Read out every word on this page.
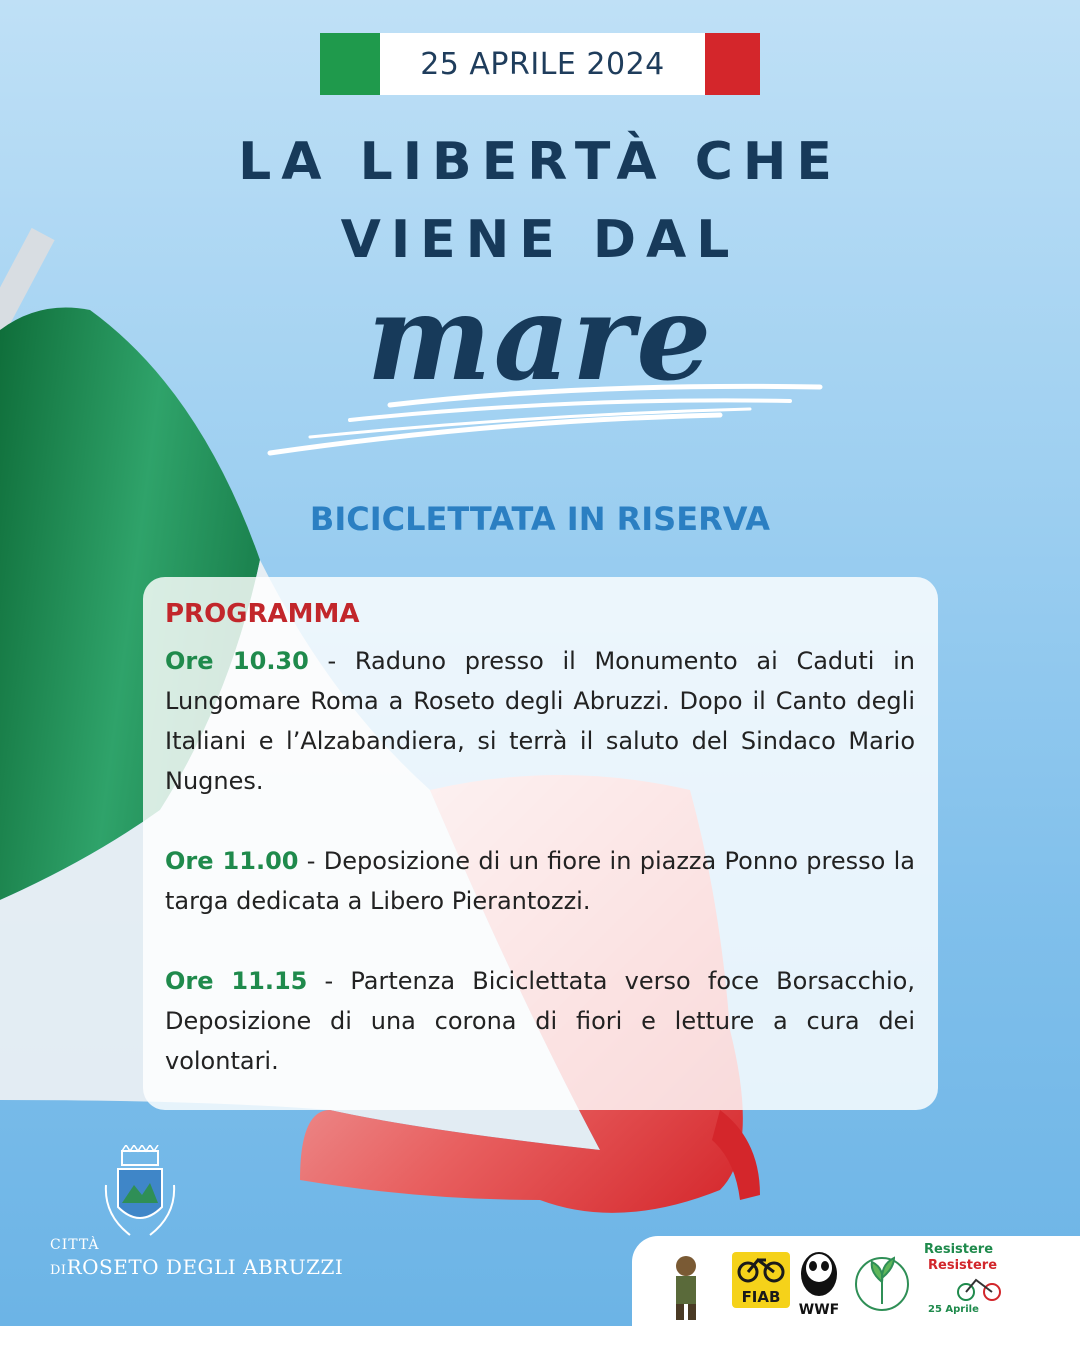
25 APRILE 2024
LA LIBERTÀ CHE
VIENE DAL
mare
BICICLETTATA IN RISERVA
PROGRAMMA
Ore 10.30 - Raduno presso il Monumento ai Caduti in Lungomare Roma a Roseto degli Abruzzi. Dopo il Canto degli Italiani e l’Alzabandiera, si terrà il saluto del Sindaco Mario Nugnes.
Ore 11.00 - Deposizione di un fiore in piazza Ponno presso la targa dedicata a Libero Pierantozzi.
Ore 11.15 - Partenza Biciclettata verso foce Borsacchio, Deposizione di una corona di fiori e letture a cura dei volontari.
CITTÀ
DIROSETO DEGLI ABRUZZI
FIAB
WWF
Resistere
Resistere
25 Aprile
